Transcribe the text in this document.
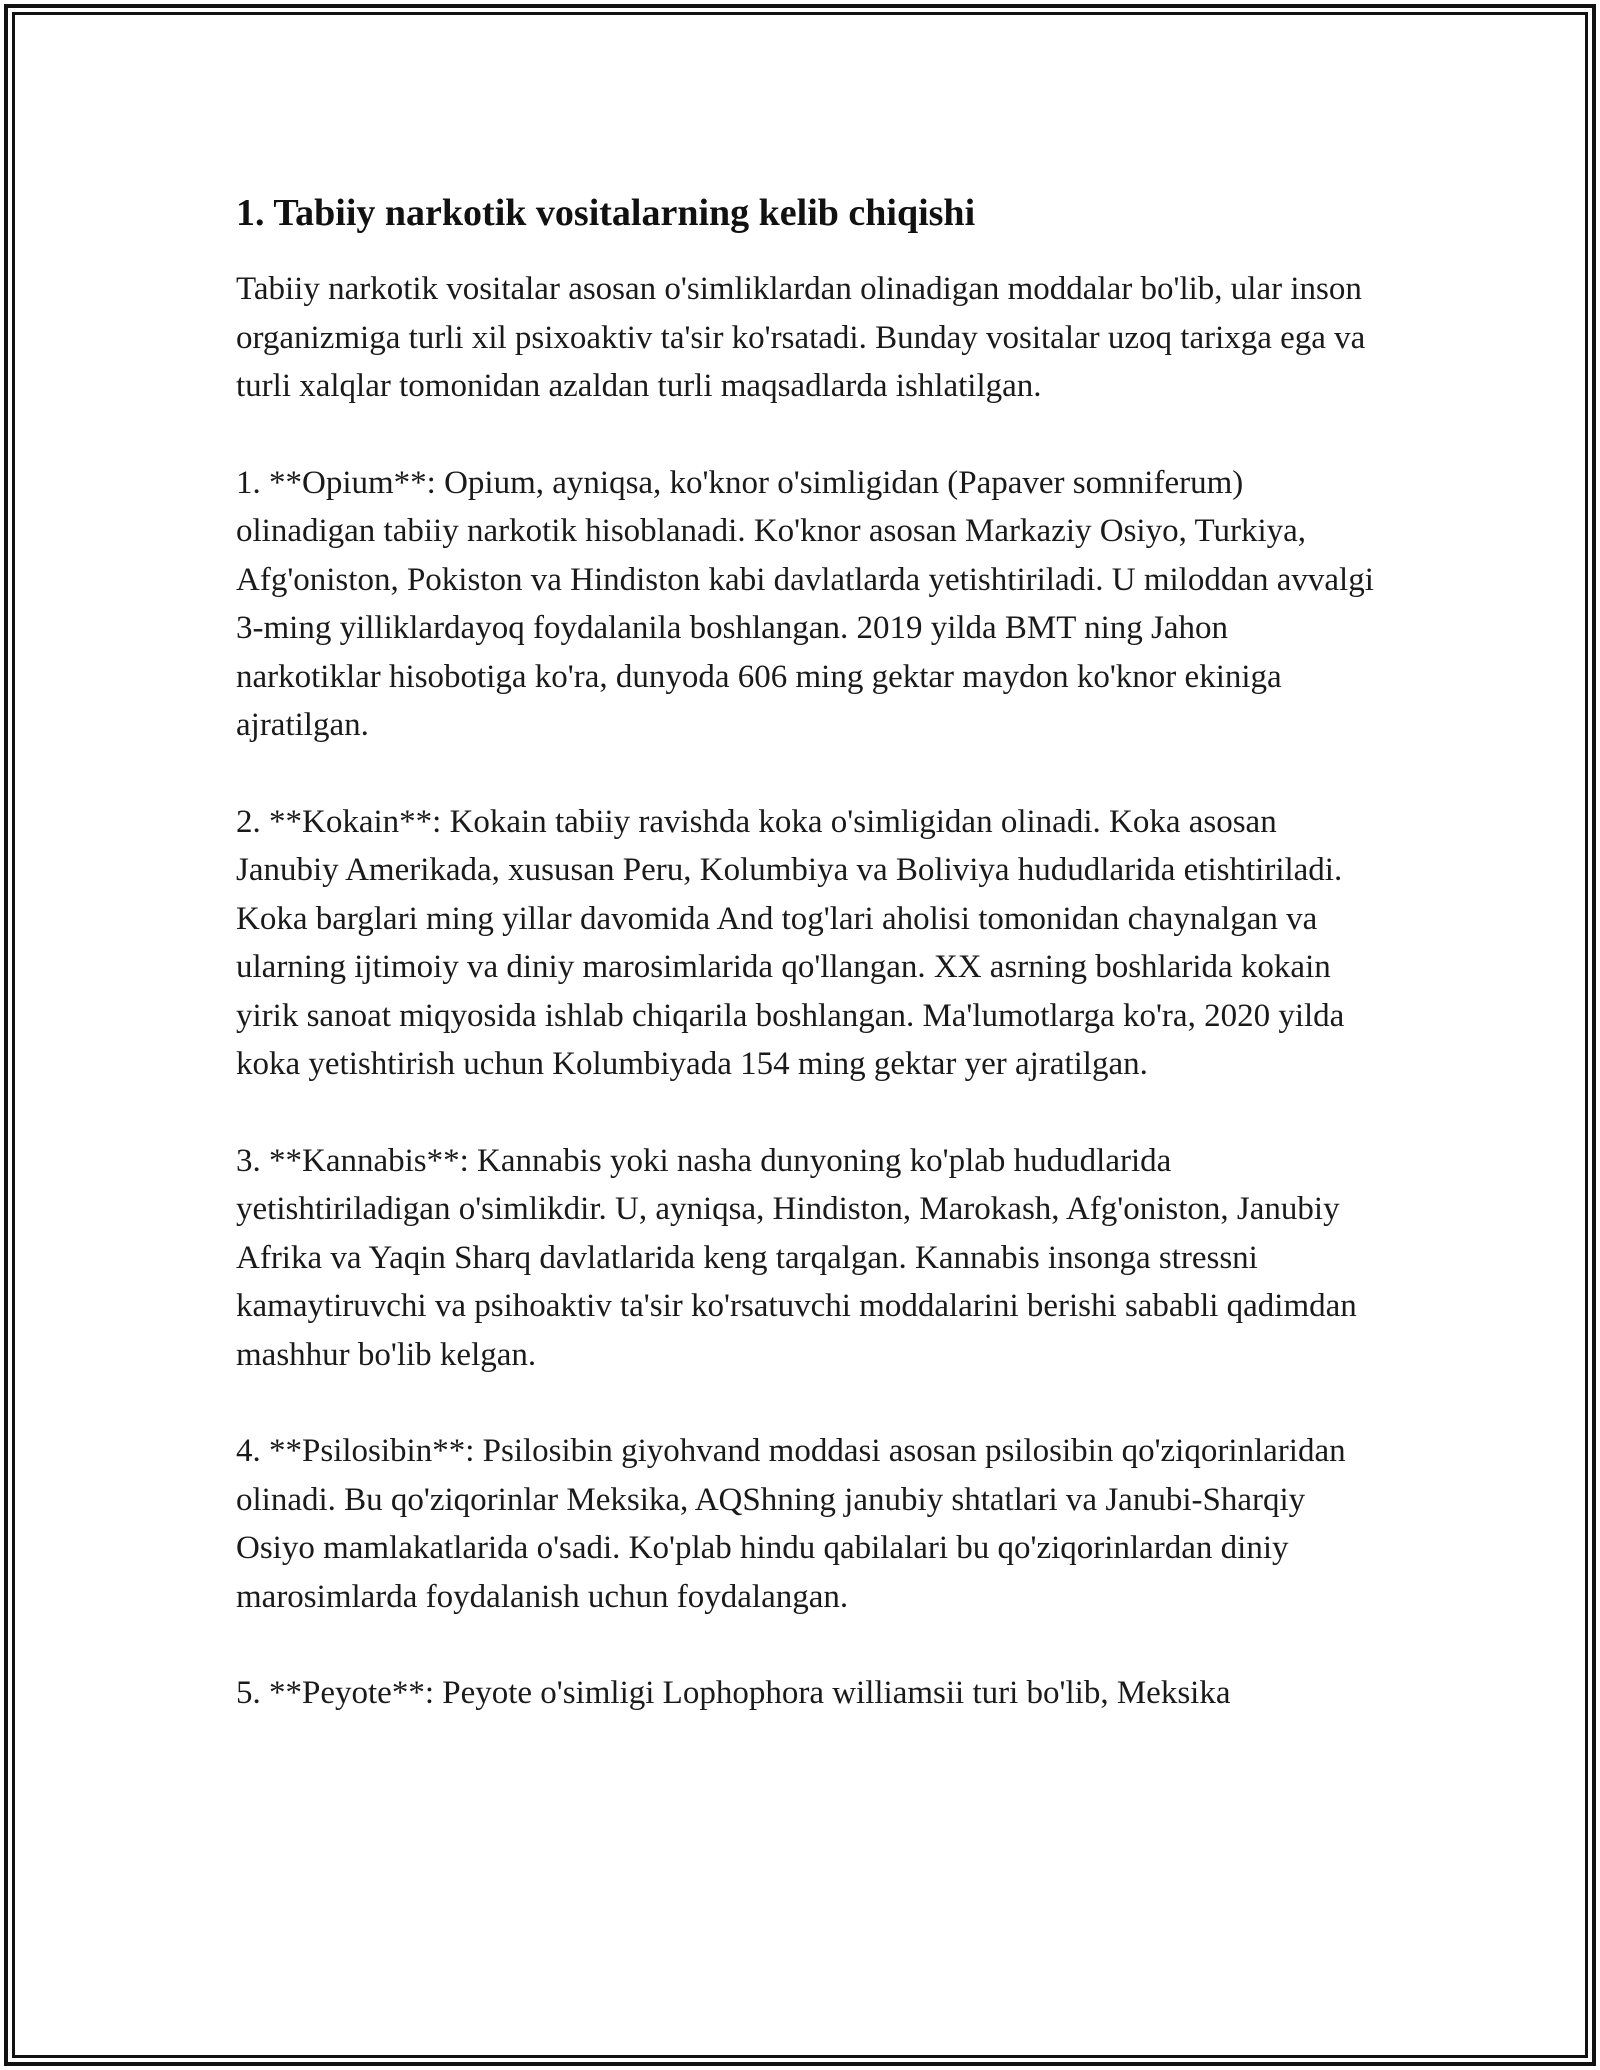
1. Tabiiy narkotik vositalarning kelib chiqishi

Tabiiy narkotik vositalar asosan o'simliklardan olinadigan moddalar bo'lib, ular inson organizmiga turli xil psixoaktiv ta'sir ko'rsatadi. Bunday vositalar uzoq tarixga ega va turli xalqlar tomonidan azaldan turli maqsadlarda ishlatilgan.

1. **Opium**: Opium, ayniqsa, ko'knor o'simligidan (Papaver somniferum) olinadigan tabiiy narkotik hisoblanadi. Ko'knor asosan Markaziy Osiyo, Turkiya, Afg'oniston, Pokiston va Hindiston kabi davlatlarda yetishtiriladi. U miloddan avvalgi 3-ming yilliklardayoq foydalanila boshlangan. 2019 yilda BMT ning Jahon narkotiklar hisobotiga ko'ra, dunyoda 606 ming gektar maydon ko'knor ekiniga ajratilgan.

2. **Kokain**: Kokain tabiiy ravishda koka o'simligidan olinadi. Koka asosan Janubiy Amerikada, xususan Peru, Kolumbiya va Boliviya hududlarida etishtiriladi. Koka barglari ming yillar davomida And tog'lari aholisi tomonidan chaynalgan va ularning ijtimoiy va diniy marosimlarida qo'llangan. XX asrning boshlarida kokain yirik sanoat miqyosida ishlab chiqarila boshlangan. Ma'lumotlarga ko'ra, 2020 yilda koka yetishtirish uchun Kolumbiyada 154 ming gektar yer ajratilgan.

3. **Kannabis**: Kannabis yoki nasha dunyoning ko'plab hududlarida yetishtiriladigan o'simlikdir. U, ayniqsa, Hindiston, Marokash, Afg'oniston, Janubiy Afrika va Yaqin Sharq davlatlarida keng tarqalgan. Kannabis insonga stressni kamaytiruvchi va psihoaktiv ta'sir ko'rsatuvchi moddalarini berishi sababli qadimdan mashhur bo'lib kelgan.

4. **Psilosibin**: Psilosibin giyohvand moddasi asosan psilosibin qo'ziqorinlaridan olinadi. Bu qo'ziqorinlar Meksika, AQShning janubiy shtatlari va Janubi-Sharqiy Osiyo mamlakatlarida o'sadi. Ko'plab hindu qabilalari bu qo'ziqorinlardan diniy marosimlarda foydalanish uchun foydalangan.

5. **Peyote**: Peyote o'simligi Lophophora williamsii turi bo'lib, Meksika
